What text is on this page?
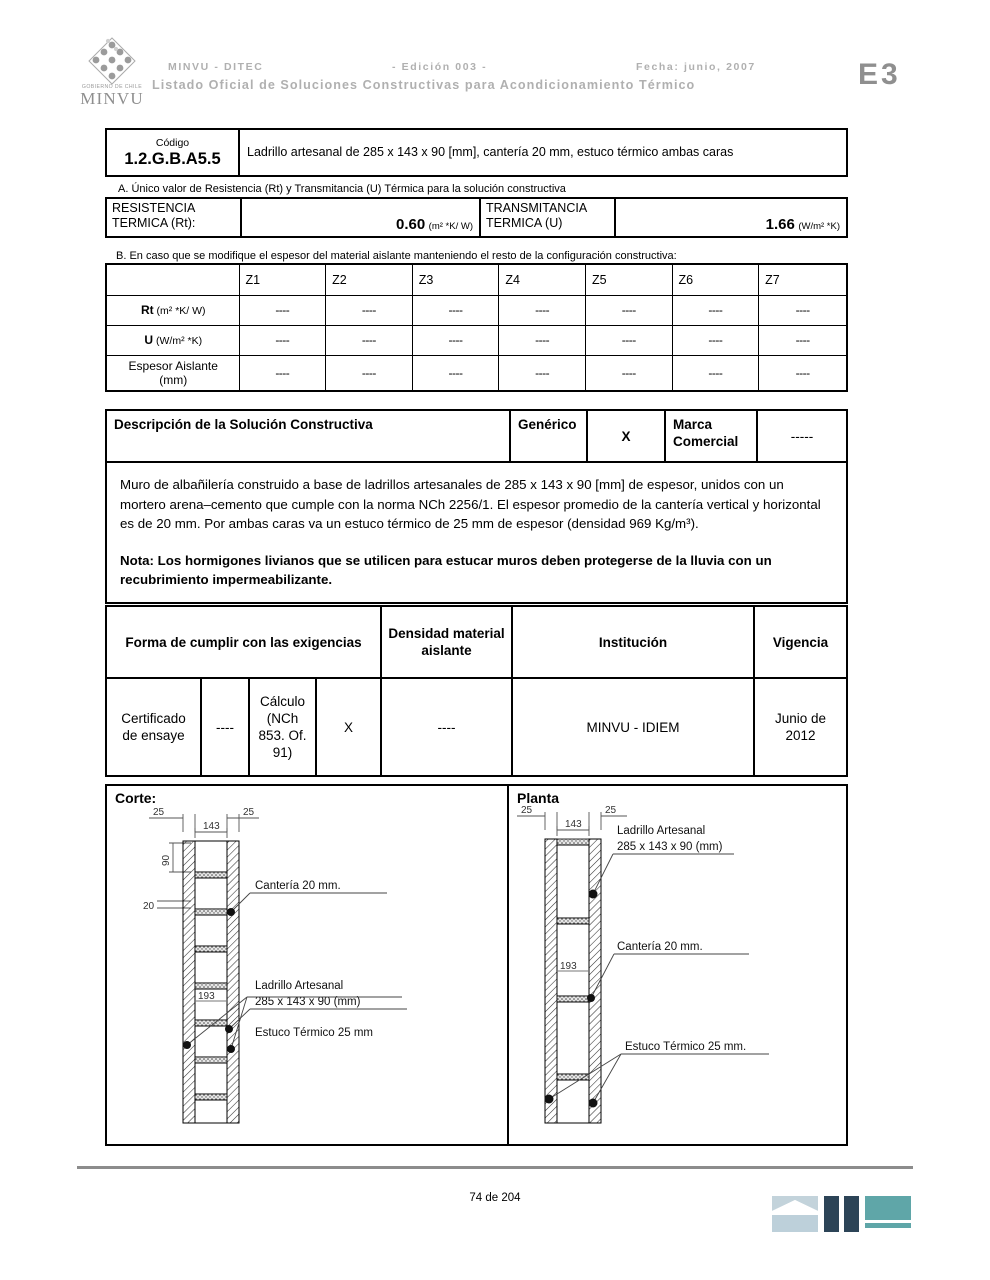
GOBIERNO DE CHILE
MINVU
MINVU - DITEC	- Edición 003 -	Fecha: junio, 2007
Listado Oficial de Soluciones Constructivas para Acondicionamiento Térmico	E3
Código
1.2.G.B.A5.5	Ladrillo artesanal de 285 x 143 x 90 [mm], cantería 20 mm, estuco térmico ambas caras
A. Único valor de Resistencia (Rt) y Transmitancia (U) Térmica para la solución constructiva
RESISTENCIA
TERMICA (Rt):	0.60 (m² *K/ W)	
TRANSMITANCIA
TERMICA (U)	1.66 (W/m² *K)
B. En caso que se modifique el espesor del material aislante manteniendo el resto de la configuración constructiva:
	Z1	Z2	Z3	Z4	Z5	Z6	Z7
Rt (m² *K/ W)	----	----	----	----	----	----	----
U (W/m² *K)	----	----	----	----	----	----	----
Espesor Aislante (mm)	----	----	----	----	----	----	----
Descripción de la Solución Constructiva	Genérico	X	Marca Comercial	-----

Muro de albañilería construido a base de ladrillos artesanales de 285 x 143 x 90 [mm] de espesor, unidos con un mortero arena–cemento que cumple con la norma NCh 2256/1. El espesor promedio de la cantería vertical y horizontal es de 20 mm. Por ambas caras va un estuco térmico de 25 mm de espesor (densidad 969 Kg/m³).

Nota: Los hormigones livianos que se utilicen para estucar muros deben protegerse de la lluvia con un recubrimiento impermeabilizante.

Forma de cumplir con las exigencias				Densidad material aislante	Institución	Vigencia
Certificado de ensaye	----	Cálculo (NCh 853. Of. 91)	X	----	MINVU - IDIEM	Junio de 2012
Corte:
25
143
25
90
20
193
Cantería 20 mm.
Ladrillo Artesanal
285 x 143 x 90 (mm)
Estuco Térmico 25 mm
Planta
25
143
25
193
Ladrillo Artesanal
285 x 143 x 90 (mm)
Cantería 20 mm.
Estuco Térmico 25 mm.
74 de 204
